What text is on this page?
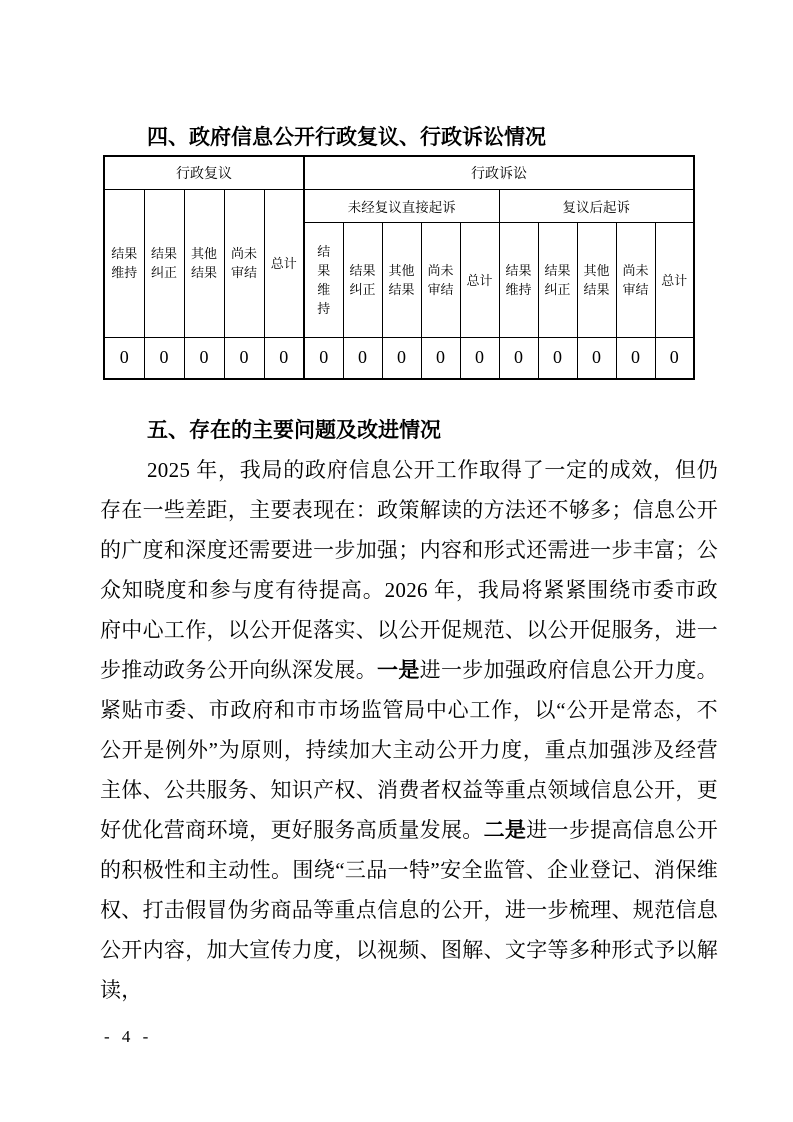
四、政府信息公开行政复议、行政诉讼情况
行政复议					行政诉讼									
结果维持	结果纠正	其他结果	尚未审结	总计	未经复议直接起诉					复议后起诉				
					结果维持	结果纠正	其他结果	尚未审结	总计	结果维持	结果纠正	其他结果	尚未审结	总计
0	0	0	0	0	0	0	0	0	0	0	0	0	0	0
五、存在的主要问题及改进情况
2025 年，我局的政府信息公开工作取得了一定的成效，但仍存在一些差距，主要表现在：政策解读的方法还不够多；信息公开的广度和深度还需要进一步加强；内容和形式还需进一步丰富；公众知晓度和参与度有待提高。2026 年，我局将紧紧围绕市委市政府中心工作，以公开促落实、以公开促规范、以公开促服务，进一步推动政务公开向纵深发展。一是进一步加强政府信息公开力度。紧贴市委、市政府和市市场监管局中心工作，以“公开是常态，不公开是例外”为原则，持续加大主动公开力度，重点加强涉及经营主体、公共服务、知识产权、消费者权益等重点领域信息公开，更好优化营商环境，更好服务高质量发展。二是进一步提高信息公开的积极性和主动性。围绕“三品一特”安全监管、企业登记、消保维权、打击假冒伪劣商品等重点信息的公开，进一步梳理、规范信息公开内容，加大宣传力度，以视频、图解、文字等多种形式予以解读，
- 4 -
